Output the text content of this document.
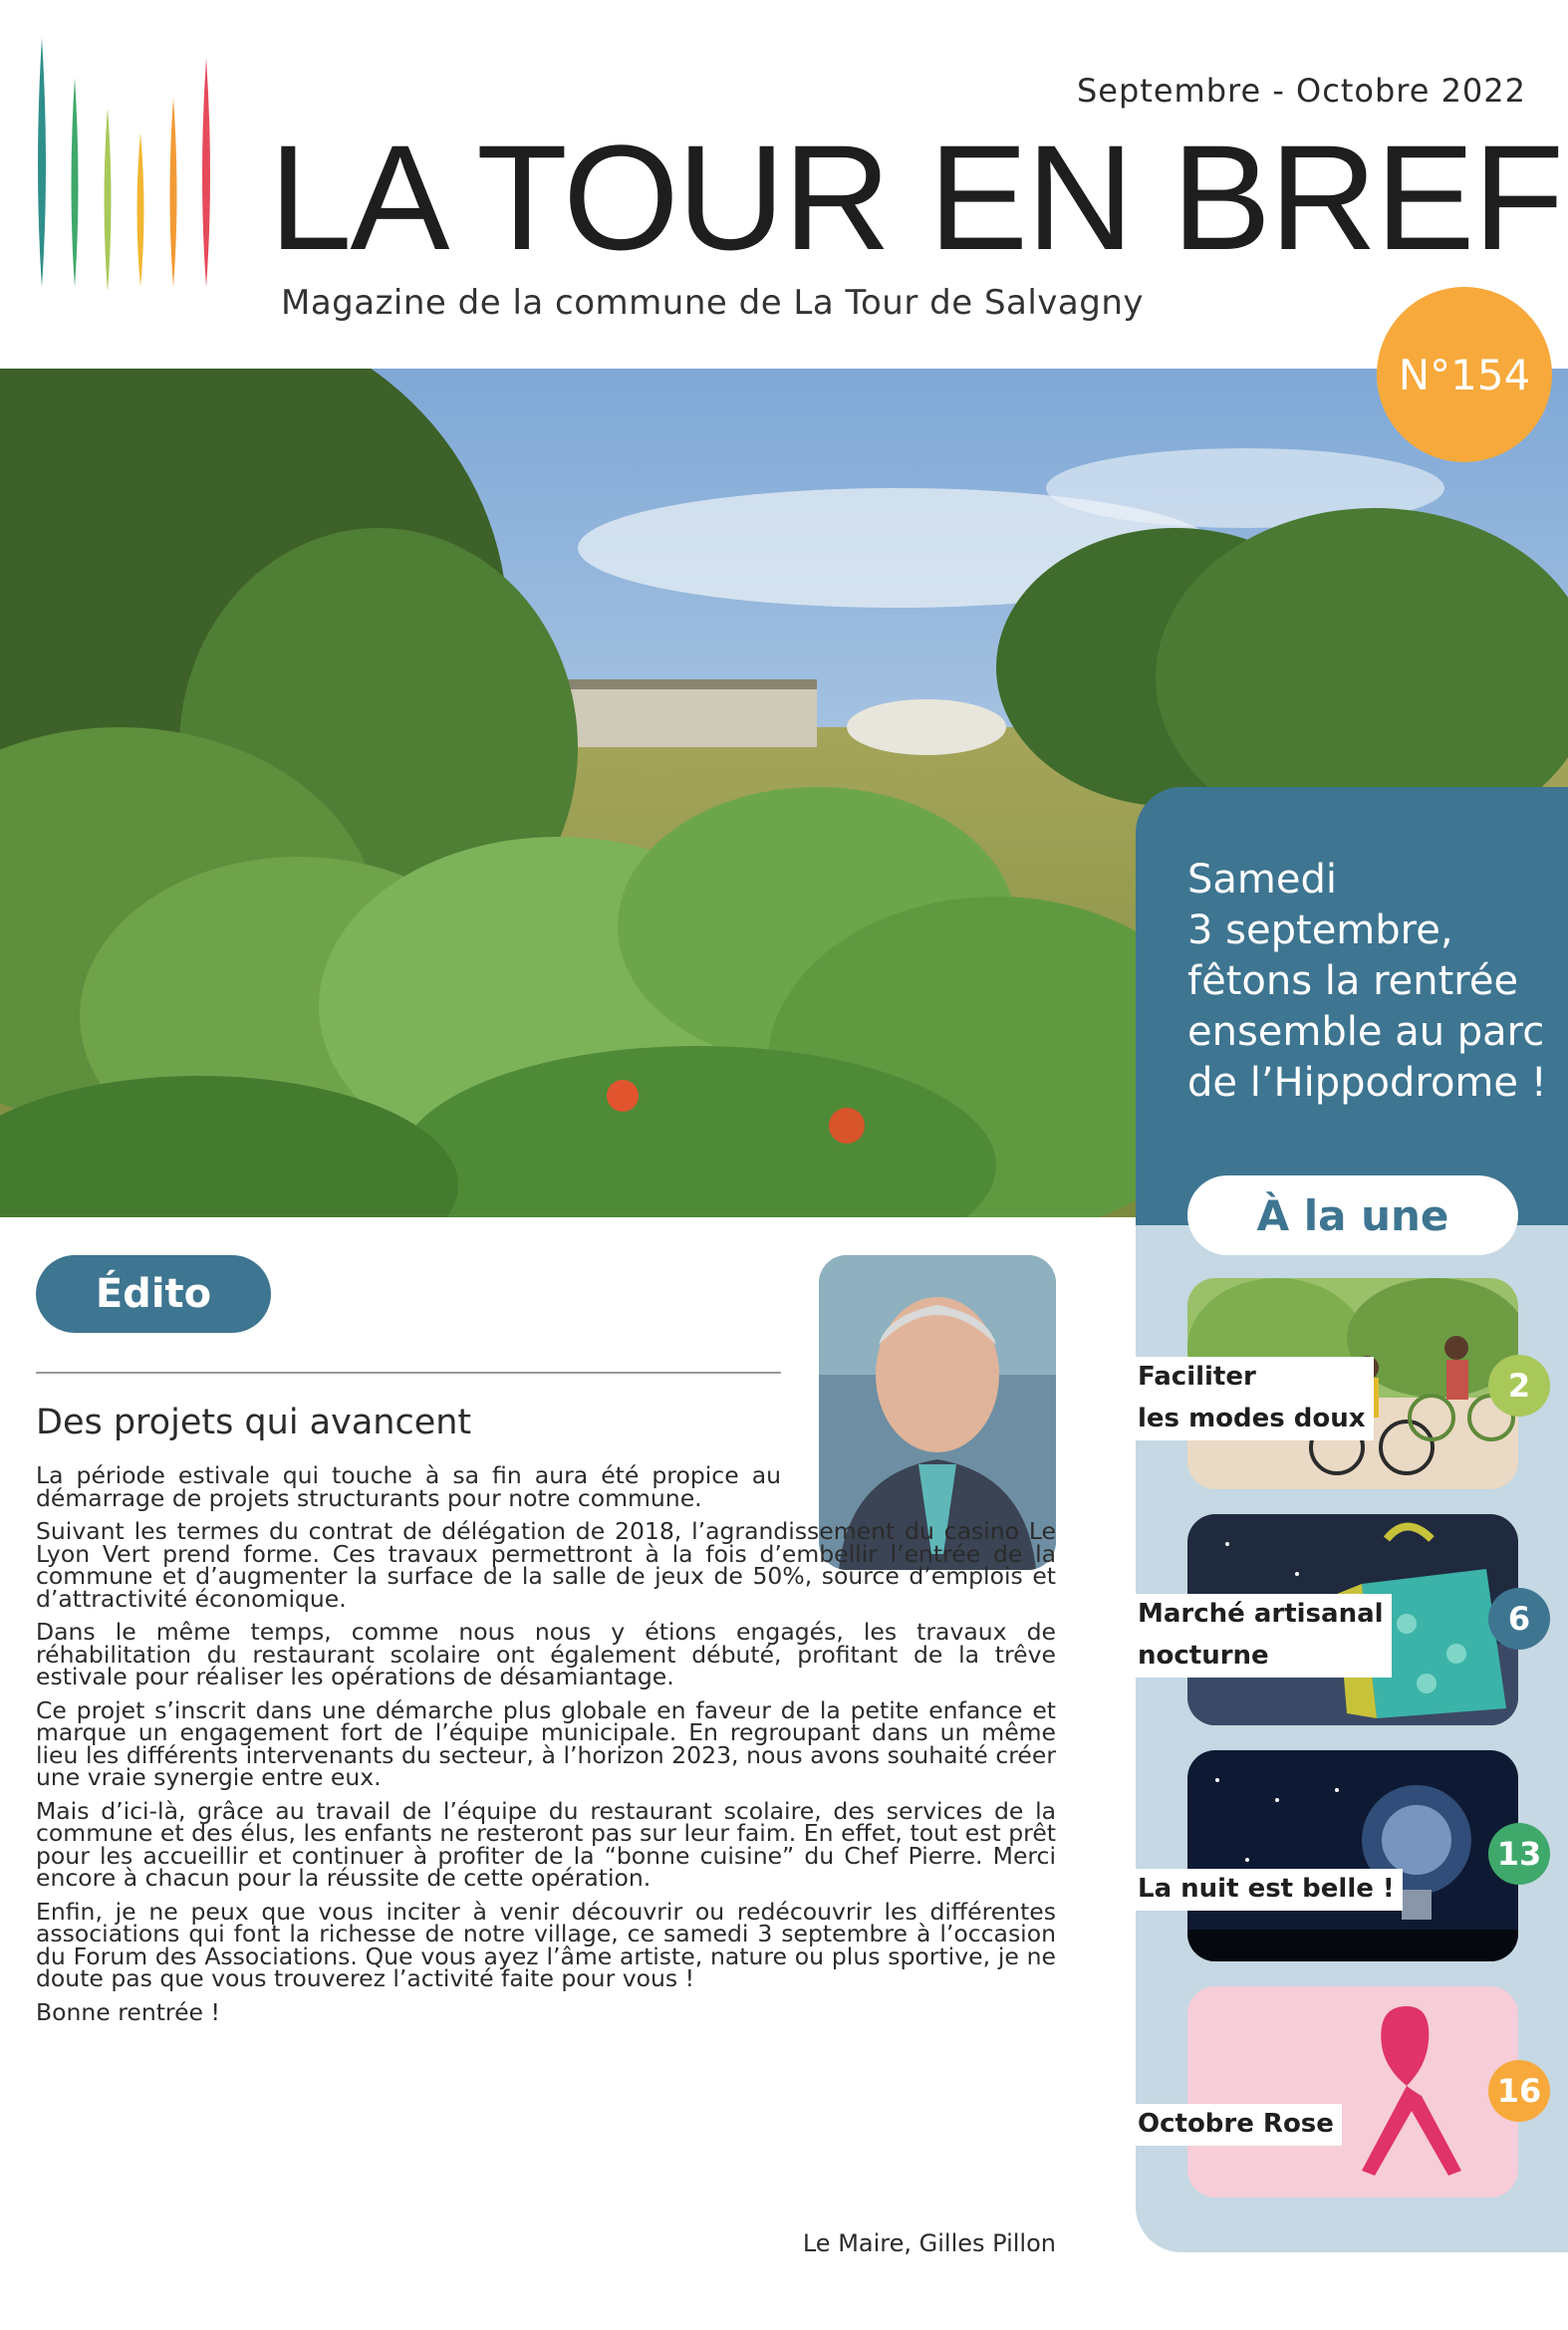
Septembre - Octobre 2022
LA TOUR EN BREF
Magazine de la commune de La Tour de Salvagny
N°154
Samedi
3 septembre,
fêtons la rentrée
ensemble au parc
de l’Hippodrome !
À la une
Faciliter
les modes doux
2
Marché artisanal
nocturne
6
La nuit est belle !
13
Octobre Rose
16
Édito
Des projets qui avancent

La période estivale qui touche à sa fin aura été propice au démarrage de projets structurants pour notre commune.

Suivant les termes du contrat de délégation de 2018, l’agrandissement du casino Le Lyon Vert prend forme. Ces travaux permettront à la fois d’embellir l’entrée de la commune et d’augmenter la surface de la salle de jeux de 50%, source d’emplois et d’attractivité économique.

Dans le même temps, comme nous nous y étions engagés, les travaux de réhabilitation du restaurant scolaire ont également débuté, profitant de la trêve estivale pour réaliser les opérations de désamiantage.

Ce projet s’inscrit dans une démarche plus globale en faveur de la petite enfance et marque un engagement fort de l’équipe municipale. En regroupant dans un même lieu les différents intervenants du secteur, à l’horizon 2023, nous avons souhaité créer une vraie synergie entre eux.

Mais d’ici-là, grâce au travail de l’équipe du restaurant scolaire, des services de la commune et des élus, les enfants ne resteront pas sur leur faim. En effet, tout est prêt pour les accueillir et continuer à profiter de la “bonne cuisine” du Chef Pierre. Merci encore à chacun pour la réussite de cette opération.

Enfin, je ne peux que vous inciter à venir découvrir ou redécouvrir les différentes associations qui font la richesse de notre village, ce samedi 3 septembre à l’occasion du Forum des Associations. Que vous ayez l’âme artiste, nature ou plus sportive, je ne doute pas que vous trouverez l’activité faite pour vous !

Bonne rentrée !

Le Maire, Gilles Pillon
